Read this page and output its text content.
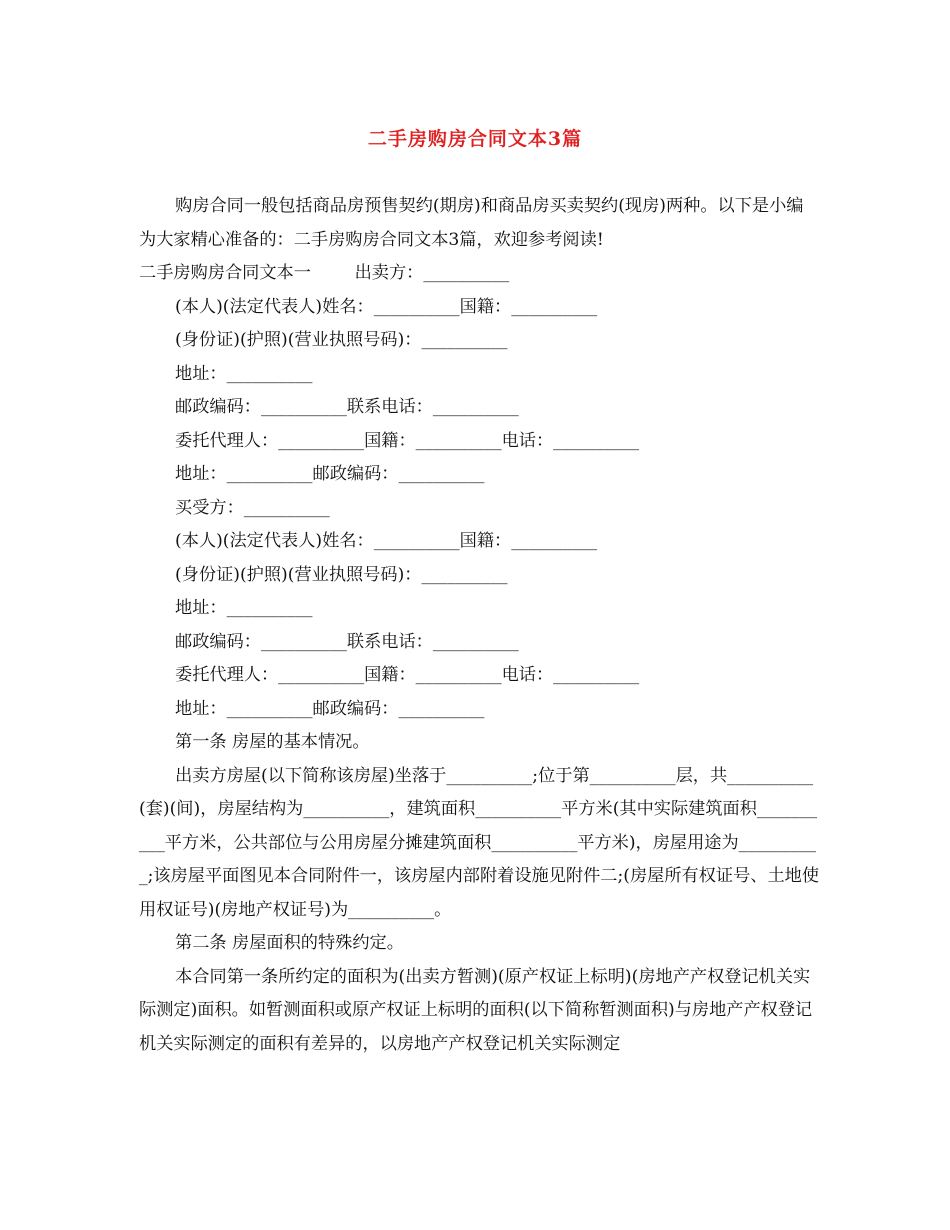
二手房购房合同文本3篇

购房合同一般包括商品房预售契约(期房)和商品房买卖契约(现房)两种。以下是小编为大家精心准备的：二手房购房合同文本3篇，欢迎参考阅读!

二手房购房合同文本一        出卖方：__________

(本人)(法定代表人)姓名：__________国籍：__________

(身份证)(护照)(营业执照号码)：__________

地址：__________

邮政编码：__________联系电话：__________

委托代理人：__________国籍：__________电话：__________

地址：__________邮政编码：__________

买受方：__________

(本人)(法定代表人)姓名：__________国籍：__________

(身份证)(护照)(营业执照号码)：__________

地址：__________

邮政编码：__________联系电话：__________

委托代理人：__________国籍：__________电话：__________

地址：__________邮政编码：__________

第一条 房屋的基本情况。

出卖方房屋(以下简称该房屋)坐落于__________;位于第__________层，共__________(套)(间)，房屋结构为__________，建筑面积__________平方米(其中实际建筑面积__________平方米，公共部位与公用房屋分摊建筑面积__________平方米)，房屋用途为__________;该房屋平面图见本合同附件一，该房屋内部附着设施见附件二;(房屋所有权证号、土地使用权证号)(房地产权证号)为__________。

第二条 房屋面积的特殊约定。

本合同第一条所约定的面积为(出卖方暂测)(原产权证上标明)(房地产产权登记机关实际测定)面积。如暂测面积或原产权证上标明的面积(以下简称暂测面积)与房地产产权登记机关实际测定的面积有差异的，以房地产产权登记机关实际测定
